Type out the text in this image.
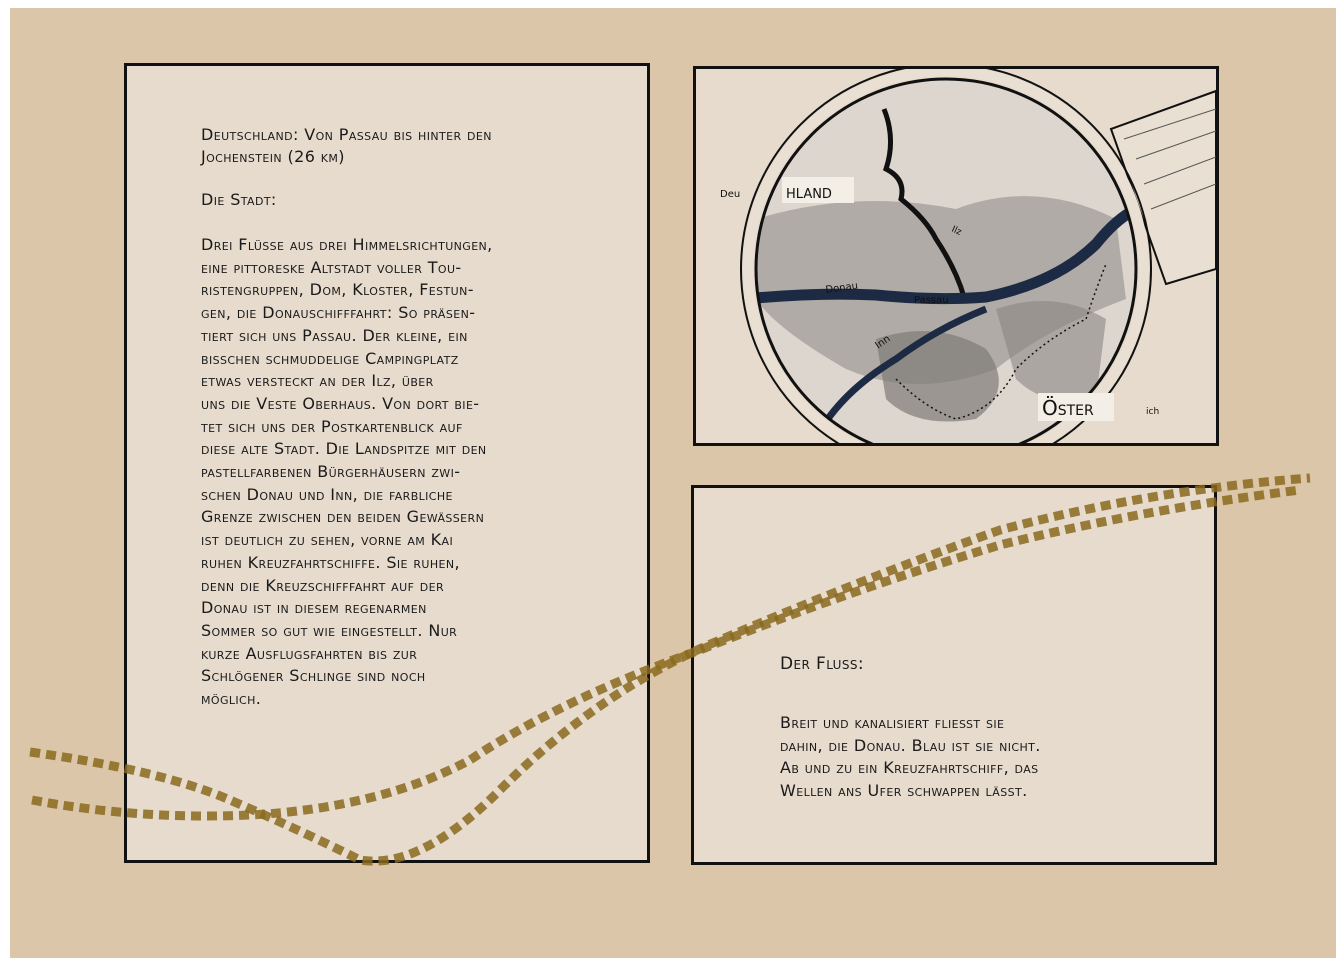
Deutschland: Von Passau bis hinter den
Jochenstein (26 km)
Die Stadt:
Drei Flüsse aus drei Himmelsrichtungen,
eine pittoreske Altstadt voller Tou-
ristengruppen, Dom, Kloster, Festun-
gen, die Donauschifffahrt: So präsen-
tiert sich uns Passau. Der kleine, ein
bisschen schmuddelige Campingplatz
etwas versteckt an der Ilz, über
uns die Veste Oberhaus. Von dort bie-
tet sich uns der Postkartenblick auf
diese alte Stadt. Die Landspitze mit den
pastellfarbenen Bürgerhäusern zwi-
schen Donau und Inn, die farbliche
Grenze zwischen den beiden Gewässern
ist deutlich zu sehen, vorne am Kai
ruhen Kreuzfahrtschiffe. Sie ruhen,
denn die Kreuzschifffahrt auf der
Donau ist in diesem regenarmen
Sommer so gut wie eingestellt. Nur
kurze Ausflugsfahrten bis zur
Schlögener Schlinge sind noch
möglich.
Deu	hland
Ilz
Donau
Passau
Inn
Öster	ich
Der Fluss:
Breit und kanalisiert fließt sie
dahin, die Donau. Blau ist sie nicht.
Ab und zu ein Kreuzfahrtschiff, das
Wellen ans Ufer schwappen lässt.
